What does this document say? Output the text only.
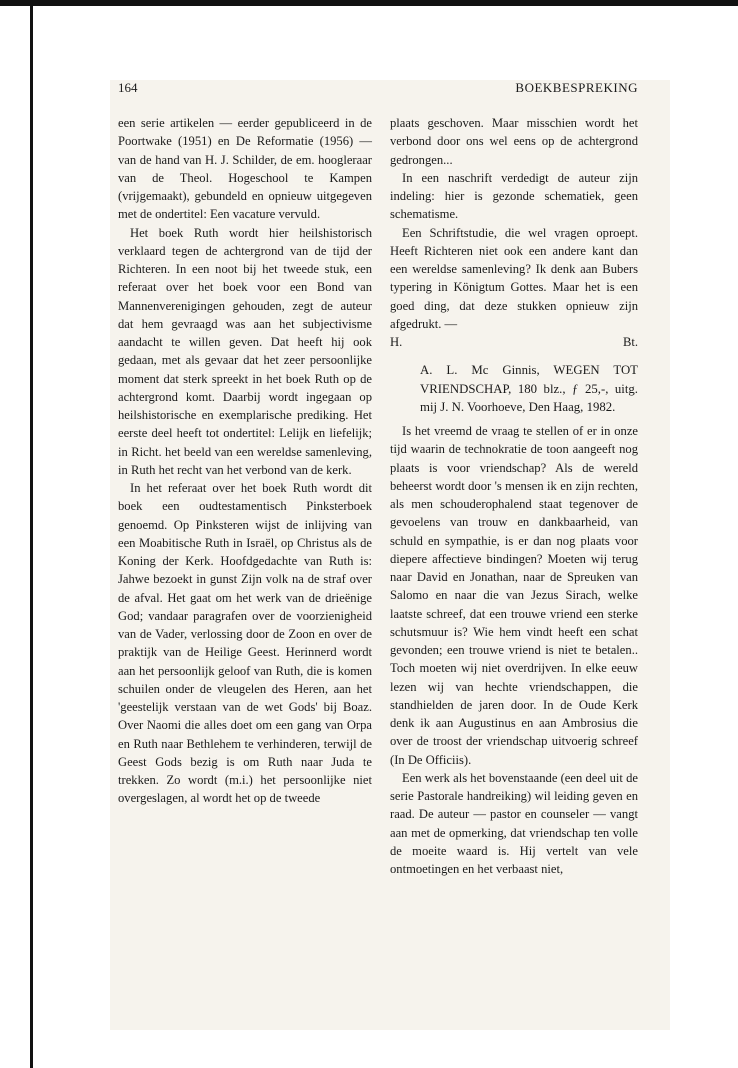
164	BOEKBESPREKING

een serie artikelen — eerder gepubliceerd in de Poortwake (1951) en De Reformatie (1956) — van de hand van H. J. Schilder, de em. hoogleraar van de Theol. Hogeschool te Kampen (vrijgemaakt), gebundeld en opnieuw uitgegeven met de ondertitel: Een vacature vervuld.

Het boek Ruth wordt hier heilshistorisch verklaard tegen de achtergrond van de tijd der Richteren. In een noot bij het tweede stuk, een referaat over het boek voor een Bond van Mannenverenigingen gehouden, zegt de auteur dat hem gevraagd was aan het subjectivisme aandacht te willen geven. Dat heeft hij ook gedaan, met als gevaar dat het zeer persoonlijke moment dat sterk spreekt in het boek Ruth op de achtergrond komt. Daarbij wordt ingegaan op heilshistorische en exemplarische prediking. Het eerste deel heeft tot ondertitel: Lelijk en liefelijk; in Richt. het beeld van een wereldse samenleving, in Ruth het recht van het verbond van de kerk.

In het referaat over het boek Ruth wordt dit boek een oudtestamentisch Pinksterboek genoemd. Op Pinksteren wijst de inlijving van een Moabitische Ruth in Israël, op Christus als de Koning der Kerk. Hoofdgedachte van Ruth is: Jahwe bezoekt in gunst Zijn volk na de straf over de afval. Het gaat om het werk van de drieënige God; vandaar paragrafen over de voorzienigheid van de Vader, verlossing door de Zoon en over de praktijk van de Heilige Geest. Herinnerd wordt aan het persoonlijk geloof van Ruth, die is komen schuilen onder de vleugelen des Heren, aan het 'geestelijk verstaan van de wet Gods' bij Boaz. Over Naomi die alles doet om een gang van Orpa en Ruth naar Bethlehem te verhinderen, terwijl de Geest Gods bezig is om Ruth naar Juda te trekken. Zo wordt (m.i.) het persoonlijke niet overgeslagen, al wordt het op de tweede

plaats geschoven. Maar misschien wordt het verbond door ons wel eens op de achtergrond gedrongen...

In een naschrift verdedigt de auteur zijn indeling: hier is gezonde schematiek, geen schematisme.

Een Schriftstudie, die wel vragen oproept. Heeft Richteren niet ook een andere kant dan een wereldse samenleving? Ik denk aan Bubers typering in Königtum Gottes. Maar het is een goed ding, dat deze stukken opnieuw zijn afgedrukt. —

H.	Bt.
A. L. Mc Ginnis, WEGEN TOT VRIENDSCHAP, 180 blz., ƒ 25,-, uitg. mij J. N. Voorhoeve, Den Haag, 1982.

Is het vreemd de vraag te stellen of er in onze tijd waarin de technokratie de toon aangeeft nog plaats is voor vriendschap? Als de wereld beheerst wordt door 's mensen ik en zijn rechten, als men schouderophalend staat tegenover de gevoelens van trouw en dankbaarheid, van schuld en sympathie, is er dan nog plaats voor diepere affectieve bindingen? Moeten wij terug naar David en Jonathan, naar de Spreuken van Salomo en naar die van Jezus Sirach, welke laatste schreef, dat een trouwe vriend een sterke schutsmuur is? Wie hem vindt heeft een schat gevonden; een trouwe vriend is niet te betalen.. Toch moeten wij niet overdrijven. In elke eeuw lezen wij van hechte vriendschappen, die standhielden de jaren door. In de Oude Kerk denk ik aan Augustinus en aan Ambrosius die over de troost der vriendschap uitvoerig schreef (In De Officiis).

Een werk als het bovenstaande (een deel uit de serie Pastorale handreiking) wil leiding geven en raad. De auteur — pastor en counseler — vangt aan met de opmerking, dat vriendschap ten volle de moeite waard is. Hij vertelt van vele ontmoetingen en het verbaast niet,
